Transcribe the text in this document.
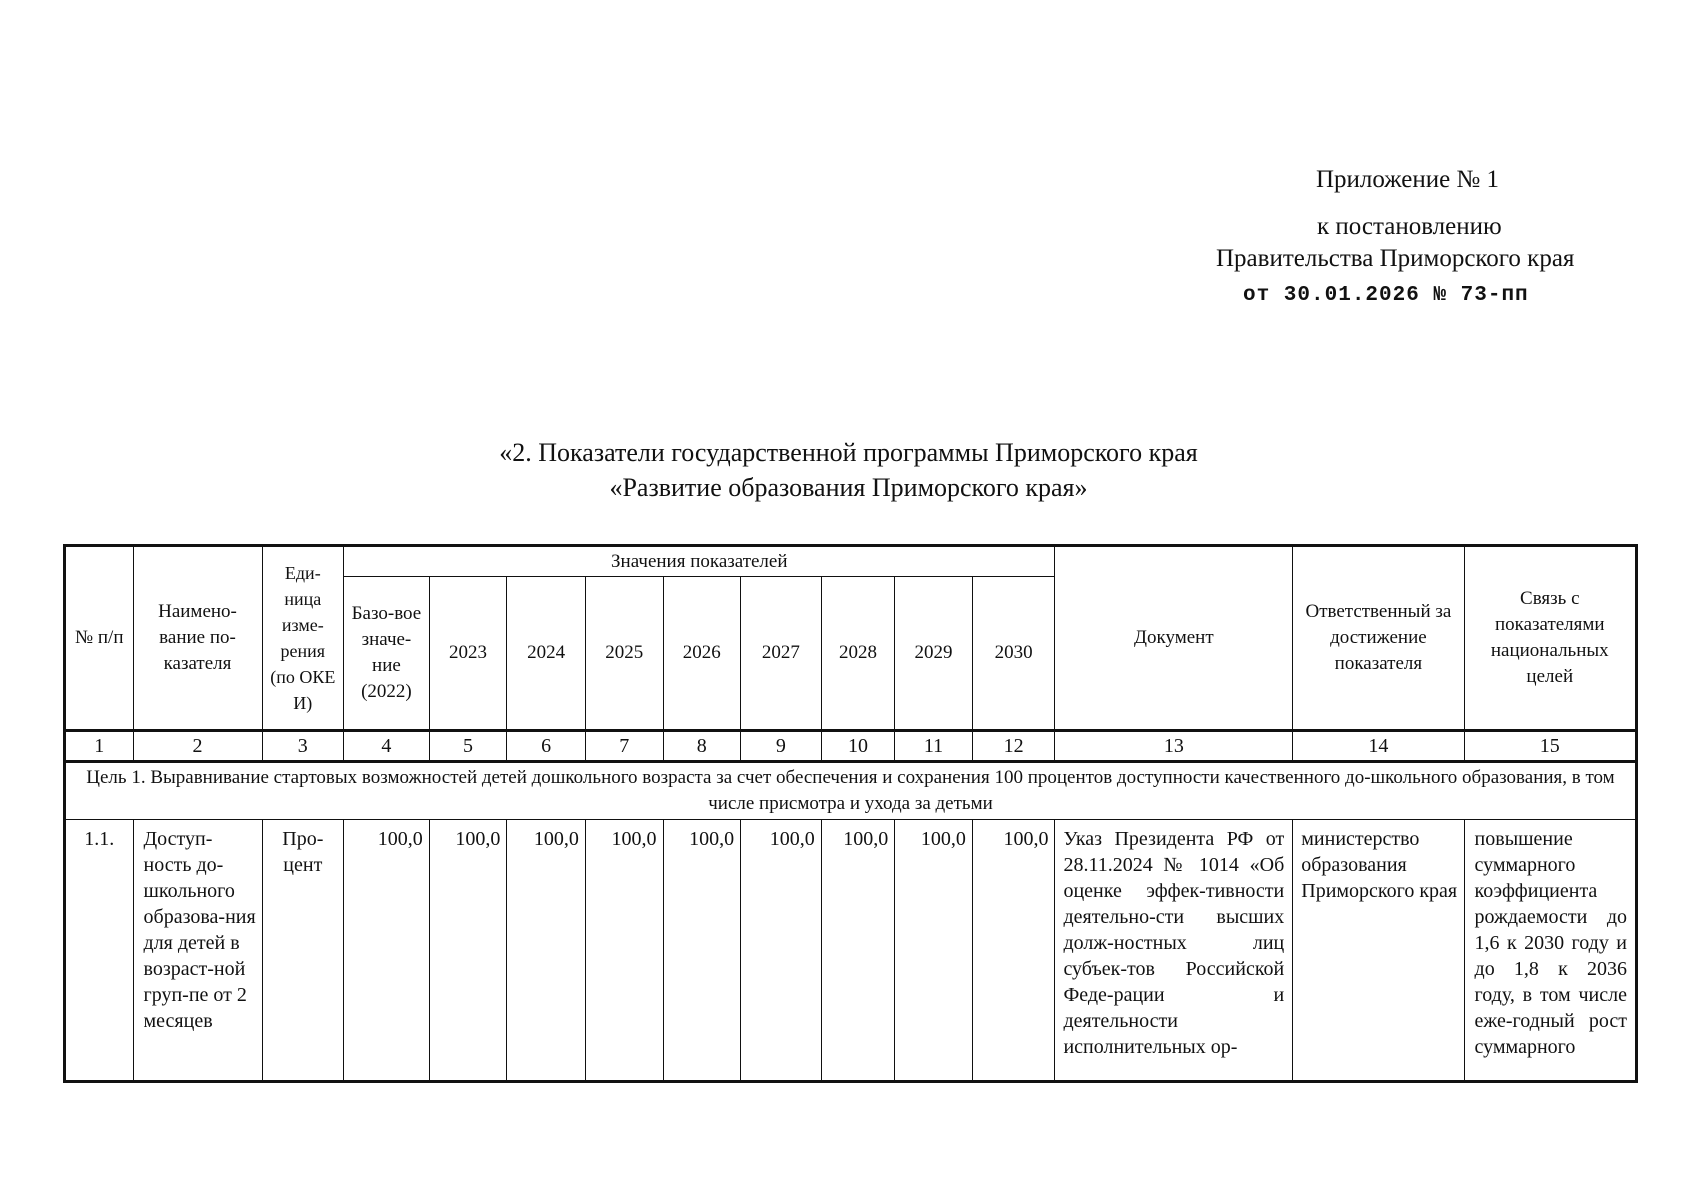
Приложение № 1
к постановлению
Правительства Приморского края
от 30.01.2026 № 73-пп
«2. Показатели государственной программы Приморского края
«Развитие образования Приморского края»
№ п/п	Наимено-вание по-казателя	Еди-ница изме-рения (по ОКЕ И)	Значения показателей									Документ	Ответственный за достижение показателя	Связь с показателями национальных целей
			Базо-вое значе-ние (2022)	2023	2024	2025	2026	2027	2028	2029	2030			
1	2	3	4	5	6	7	8	9	10	11	12	13	14	15
Цель 1. Выравнивание стартовых возможностей детей дошкольного возраста за счет обеспечения и сохранения 100 процентов доступности качественного до-школьного образования, в том числе присмотра и ухода за детьми														
1.1.	Доступ-ность до-школьного образова-ния для детей в возраст-ной груп-пе от 2 месяцев	Про-цент	100,0	100,0	100,0	100,0	100,0	100,0	100,0	100,0	100,0	Указ Президента РФ от 28.11.2024 № 1014 «Об оценке эффек-тивности деятельно-сти высших долж-ностных лиц субъек-тов Российской Феде-рации и деятельности исполнительных ор-	министерство образования Приморского края	повышение суммарного коэффициента рождаемости до 1,6 к 2030 году и до 1,8 к 2036 году, в том числе еже-годный рост суммарного
